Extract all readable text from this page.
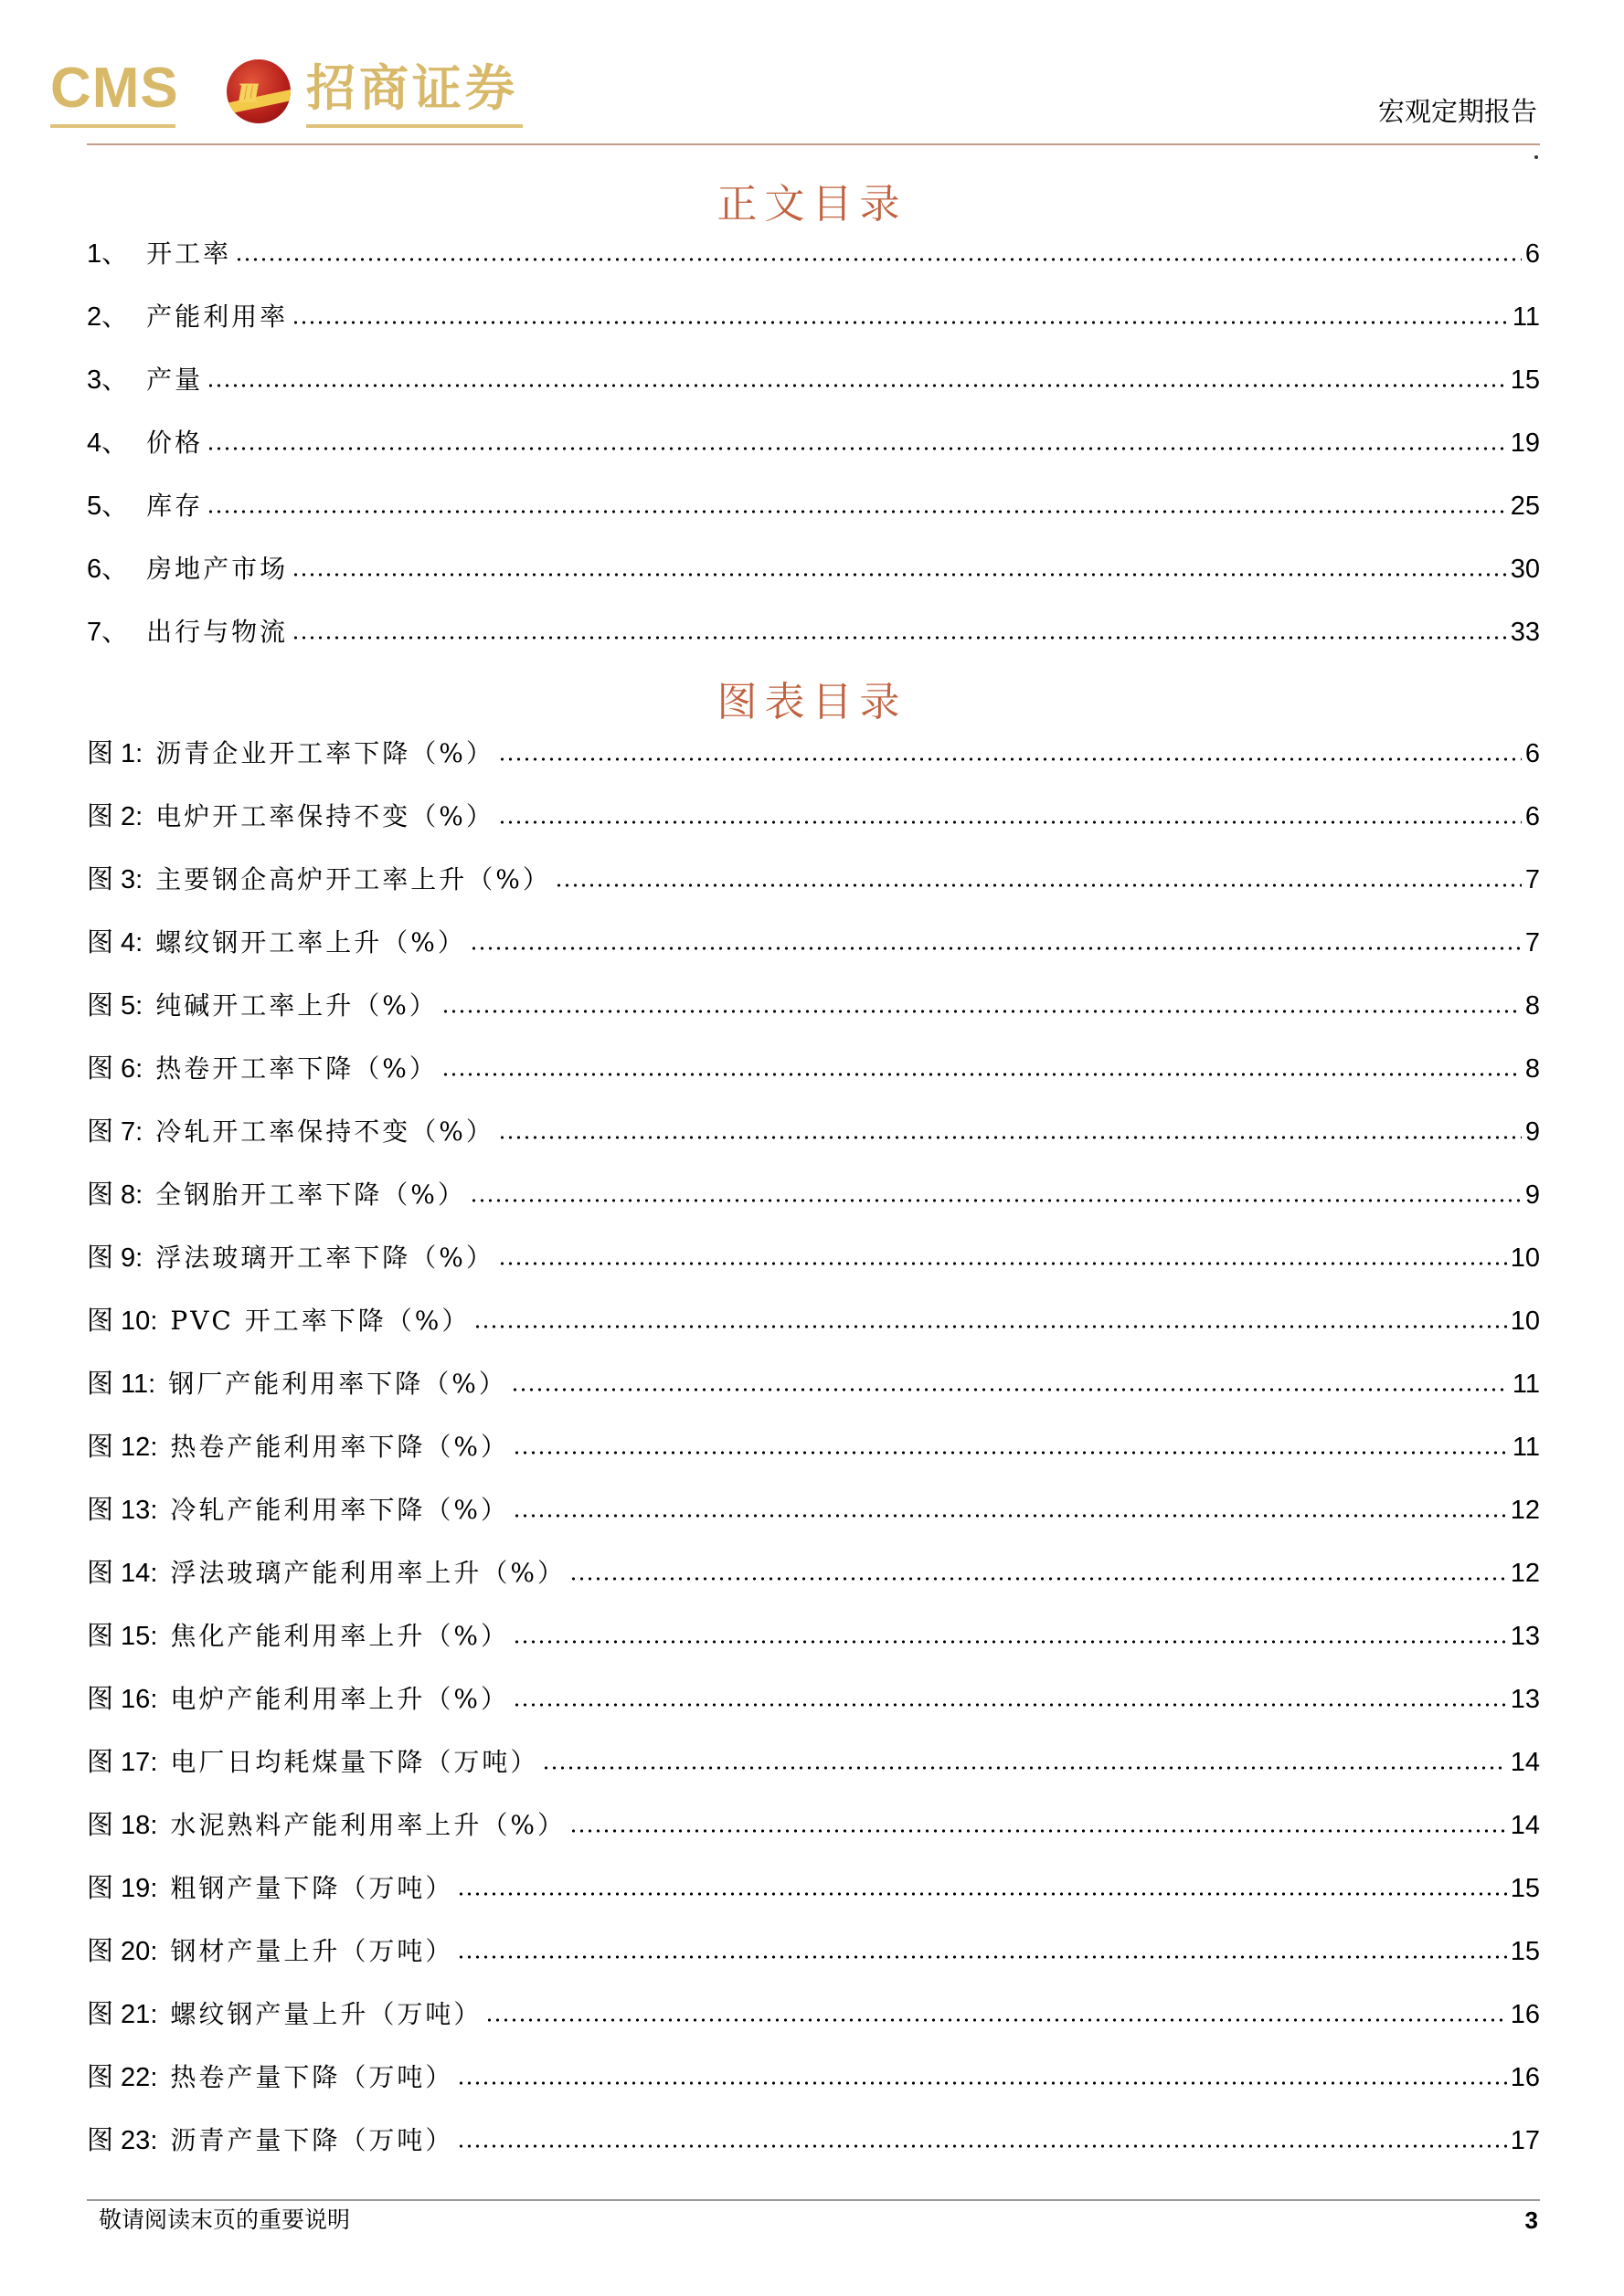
CMS ııı 招商证券	宏观定期报告
正文目录
1、 开工率	6
2、 产能利用率	11
3、 产量	15
4、 价格	19
5、 库存	25
6、 房地产市场	30
7、 出行与物流	33
图表目录
图 1: 沥青企业开工率下降（%）	6
图 2: 电炉开工率保持不变（%）	6
图 3: 主要钢企高炉开工率上升（%）	7
图 4: 螺纹钢开工率上升（%）	7
图 5: 纯碱开工率上升（%）	8
图 6: 热卷开工率下降（%）	8
图 7: 冷轧开工率保持不变（%）	9
图 8: 全钢胎开工率下降（%）	9
图 9: 浮法玻璃开工率下降（%）	10
图 10: PVC 开工率下降（%）	10
图 11: 钢厂产能利用率下降（%）	11
图 12: 热卷产能利用率下降（%）	11
图 13: 冷轧产能利用率下降（%）	12
图 14: 浮法玻璃产能利用率上升（%）	12
图 15: 焦化产能利用率上升（%）	13
图 16: 电炉产能利用率上升（%）	13
图 17: 电厂日均耗煤量下降（万吨）	14
图 18: 水泥熟料产能利用率上升（%）	14
图 19: 粗钢产量下降（万吨）	15
图 20: 钢材产量上升（万吨）	15
图 21: 螺纹钢产量上升（万吨）	16
图 22: 热卷产量下降（万吨）	16
图 23: 沥青产量下降（万吨）	17
敬请阅读末页的重要说明	3
